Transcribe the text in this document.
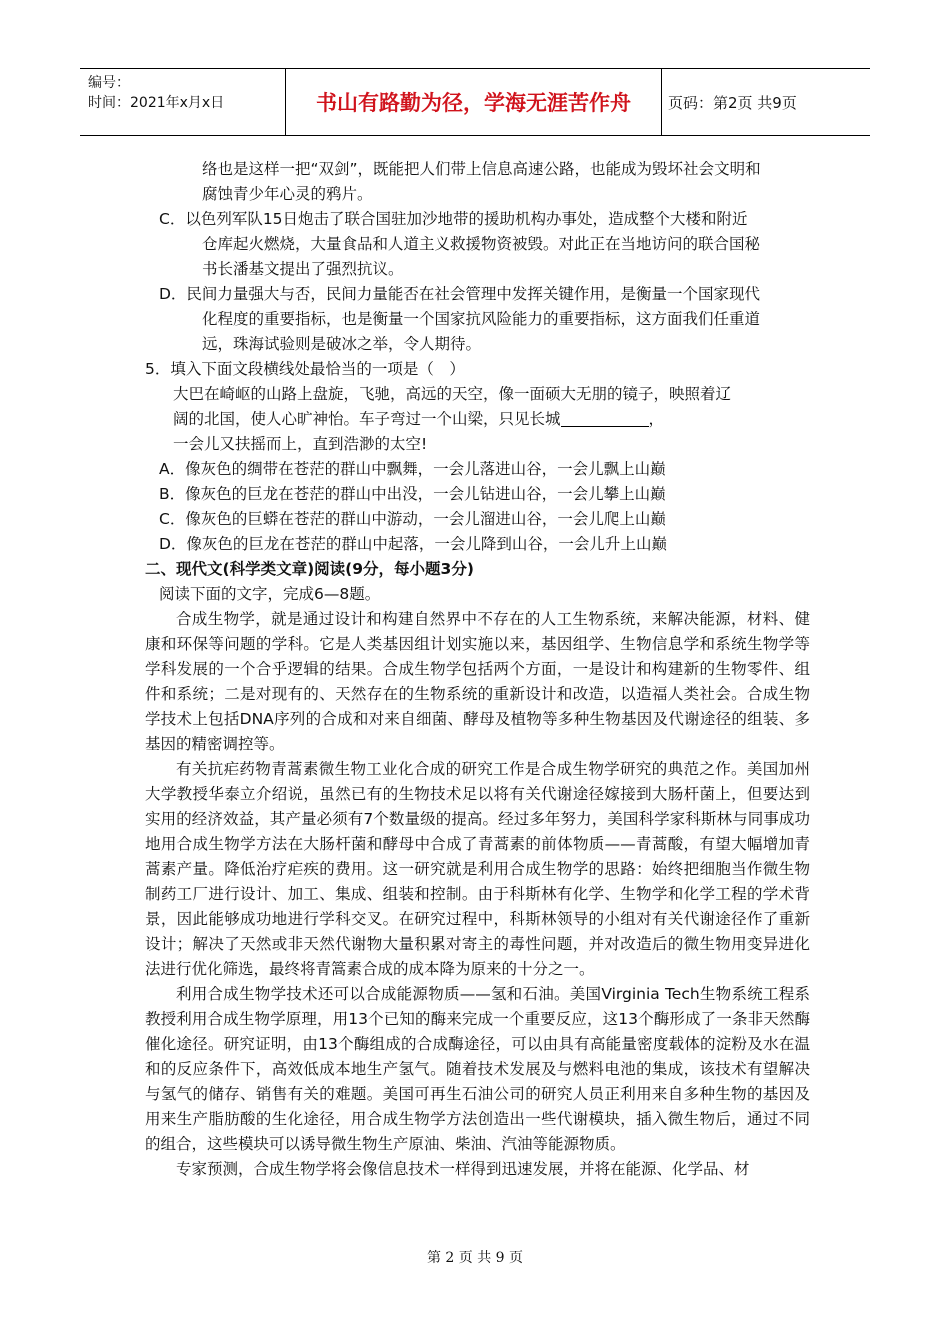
编号：
时间：2021年x月x日	书山有路勤为径，学海无涯苦作舟	页码：第2页 共9页
络也是这样一把“双剑”，既能把人们带上信息高速公路，也能成为毁坏社会文明和
腐蚀青少年心灵的鸦片。
C．以色列军队15日炮击了联合国驻加沙地带的援助机构办事处，造成整个大楼和附近
仓库起火燃烧，大量食品和人道主义救援物资被毁。对此正在当地访问的联合国秘
书长潘基文提出了强烈抗议。
D．民间力量强大与否，民间力量能否在社会管理中发挥关键作用，是衡量一个国家现代
化程度的重要指标，也是衡量一个国家抗风险能力的重要指标，这方面我们任重道
远，珠海试验则是破冰之举，令人期待。
5．填入下面文段横线处最恰当的一项是（　）
大巴在崎岖的山路上盘旋，飞驰，高远的天空，像一面硕大无朋的镜子，映照着辽
阔的北国，使人心旷神怡。车子弯过一个山梁，只见长城	，
一会儿又扶摇而上，直到浩渺的太空!
A．像灰色的绸带在苍茫的群山中飘舞，一会儿落进山谷，一会儿飘上山巅
B．像灰色的巨龙在苍茫的群山中出没，一会儿钻进山谷，一会儿攀上山巅
C．像灰色的巨蟒在苍茫的群山中游动，一会儿溜进山谷，一会儿爬上山巅
D．像灰色的巨龙在苍茫的群山中起落，一会儿降到山谷，一会儿升上山巅
二、现代文(科学类文章)阅读(9分，每小题3分)
阅读下面的文字，完成6—8题。
合成生物学，就是通过设计和构建自然界中不存在的人工生物系统，来解决能源，材料、健康和环保等问题的学科。它是人类基因组计划实施以来，基因组学、生物信息学和系统生物学等学科发展的一个合乎逻辑的结果。合成生物学包括两个方面，一是设计和构建新的生物零件、组件和系统；二是对现有的、天然存在的生物系统的重新设计和改造，以造福人类社会。合成生物学技术上包括DNA序列的合成和对来自细菌、酵母及植物等多种生物基因及代谢途径的组装、多基因的精密调控等。
有关抗疟药物青蒿素微生物工业化合成的研究工作是合成生物学研究的典范之作。美国加州大学教授华泰立介绍说，虽然已有的生物技术足以将有关代谢途径嫁接到大肠杆菌上，但要达到实用的经济效益，其产量必须有7个数量级的提高。经过多年努力，美国科学家科斯林与同事成功地用合成生物学方法在大肠杆菌和酵母中合成了青蒿素的前体物质——青蒿酸，有望大幅增加青蒿素产量。降低治疗疟疾的费用。这一研究就是利用合成生物学的思路：始终把细胞当作微生物制药工厂进行设计、加工、集成、组装和控制。由于科斯林有化学、生物学和化学工程的学术背景，因此能够成功地进行学科交叉。在研究过程中，科斯林领导的小组对有关代谢途径作了重新设计；解决了天然或非天然代谢物大量积累对寄主的毒性问题，并对改造后的微生物用变异进化法进行优化筛选，最终将青篙素合成的成本降为原来的十分之一。
利用合成生物学技术还可以合成能源物质——氢和石油。美国Virginia Tech生物系统工程系教授利用合成生物学原理，用13个已知的酶来完成一个重要反应，这13个酶形成了一条非天然酶催化途径。研究证明，由13个酶组成的合成酶途径，可以由具有高能量密度载体的淀粉及水在温和的反应条件下，高效低成本地生产氢气。随着技术发展及与燃料电池的集成，该技术有望解决与氢气的储存、销售有关的难题。美国可再生石油公司的研究人员正利用来自多种生物的基因及用来生产脂肪酸的生化途径，用合成生物学方法创造出一些代谢模块，插入微生物后，通过不同的组合，这些模块可以诱导微生物生产原油、柴油、汽油等能源物质。
专家预测，合成生物学将会像信息技术一样得到迅速发展，并将在能源、化学品、材
第 2 页 共 9 页
